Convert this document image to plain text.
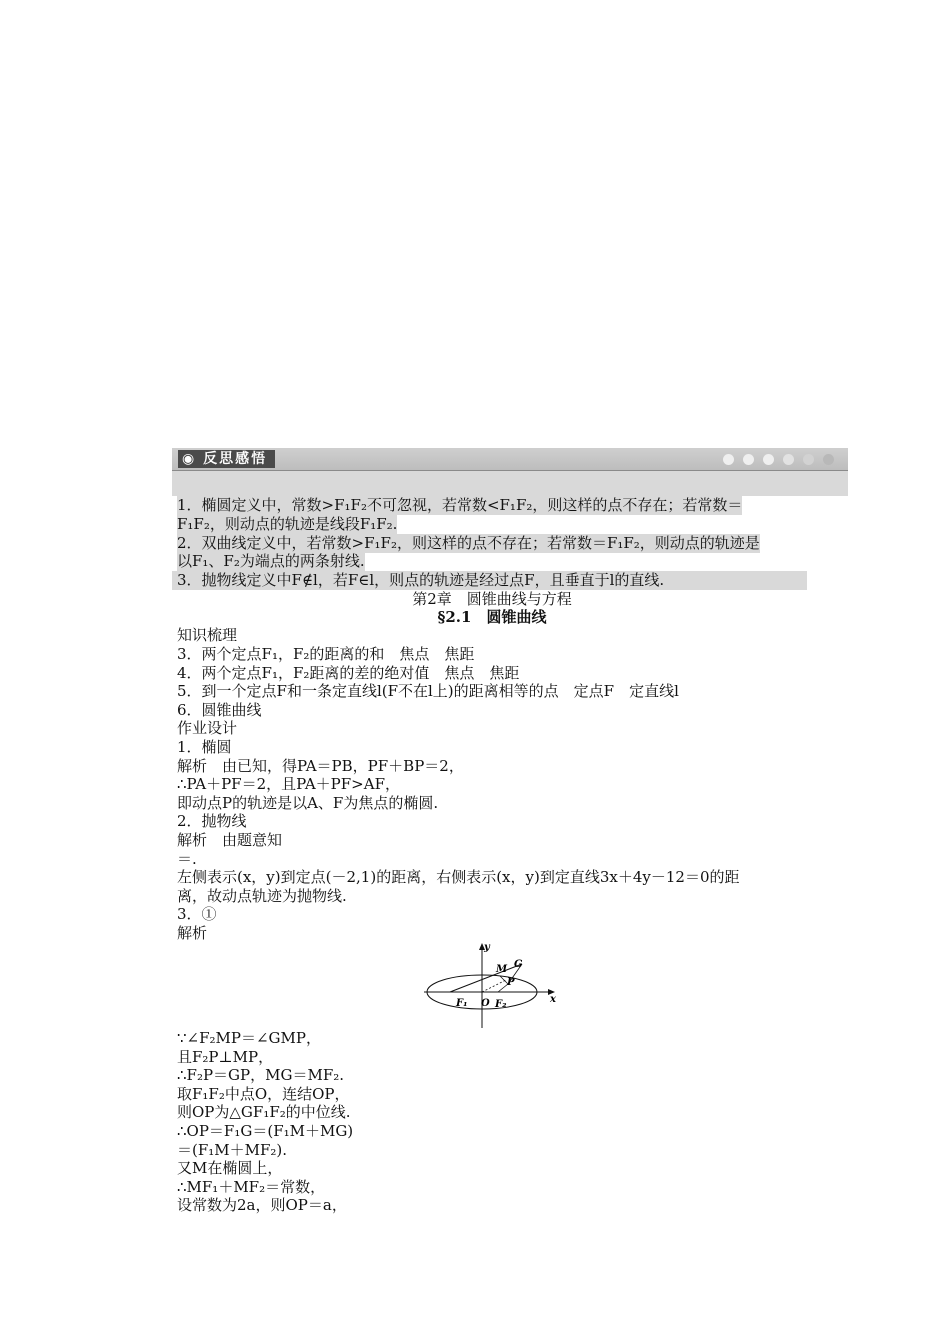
◉ 反思感悟
1．椭圆定义中，常数>F₁F₂不可忽视，若常数<F₁F₂，则这样的点不存在；若常数＝
F₁F₂，则动点的轨迹是线段F₁F₂.
2．双曲线定义中，若常数>F₁F₂，则这样的点不存在；若常数＝F₁F₂，则动点的轨迹是
以F₁、F₂为端点的两条射线.
3．抛物线定义中F∉l，若F∈l，则点的轨迹是经过点F，且垂直于l的直线.
第2章　圆锥曲线与方程
§2.1　圆锥曲线
知识梳理
3．两个定点F₁，F₂的距离的和　焦点　焦距
4．两个定点F₁，F₂距离的差的绝对值　焦点　焦距
5．到一个定点F和一条定直线l(F不在l上)的距离相等的点　定点F　定直线l
6．圆锥曲线
作业设计
1．椭圆
解析　由已知，得PA＝PB，PF＋BP＝2，
∴PA＋PF＝2，且PA＋PF>AF，
即动点P的轨迹是以A、F为焦点的椭圆.
2．抛物线
解析　由题意知
＝.
左侧表示(x，y)到定点(－2,1)的距离，右侧表示(x，y)到定直线3x＋4y－12＝0的距
离，故动点轨迹为抛物线.
3．①
解析
y
x
M G
P
F₁ O F₂
∵∠F₂MP＝∠GMP，
且F₂P⊥MP，
∴F₂P＝GP，MG＝MF₂.
取F₁F₂中点O，连结OP，
则OP为△GF₁F₂的中位线.
∴OP＝F₁G＝(F₁M＋MG)
＝(F₁M＋MF₂).
又M在椭圆上，
∴MF₁＋MF₂＝常数，
设常数为2a，则OP＝a，
